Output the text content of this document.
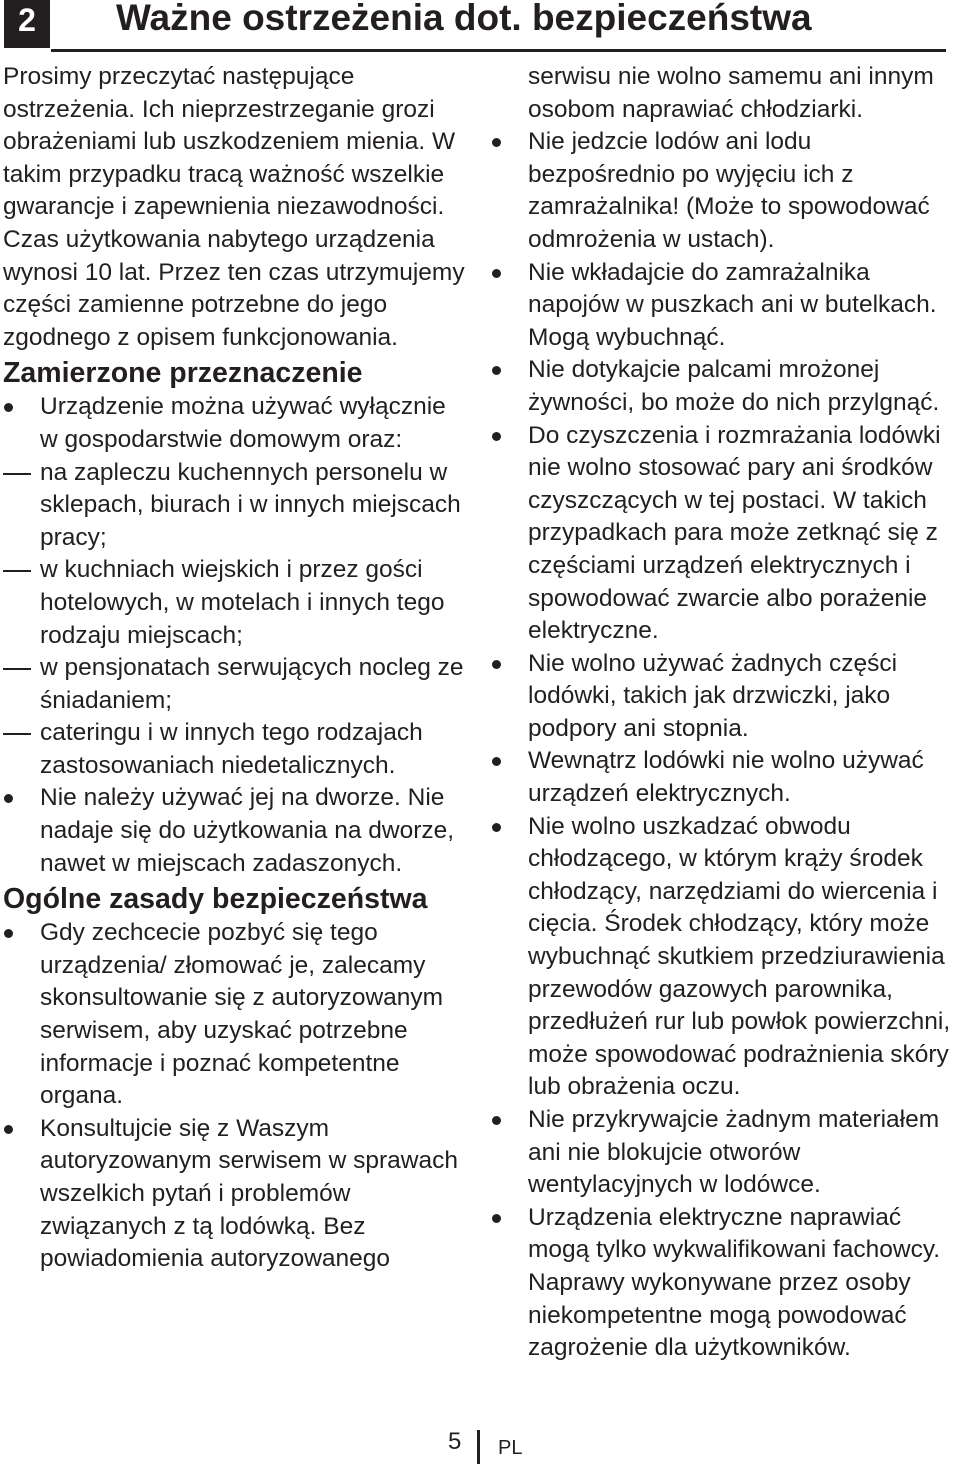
2	Ważne ostrzeżenia dot. bezpieczeństwa

Prosimy przeczytać następujące ostrzeżenia. Ich nieprzestrzeganie grozi obrażeniami lub uszkodzeniem mienia. W takim przypadku tracą ważność wszelkie gwarancje i zapewnienia niezawodności.

Czas użytkowania nabytego urządzenia wynosi 10 lat. Przez ten czas utrzymujemy części zamienne potrzebne do jego zgodnego z opisem funkcjonowania.

Zamierzone przeznaczenie
Urządzenie można używać wyłącznie w gospodarstwie domowym oraz:
na zapleczu kuchennych personelu w sklepach, biurach i w innych miejscach pracy;
w kuchniach wiejskich i przez gości hotelowych, w motelach i innych tego rodzaju miejscach;
w pensjonatach serwujących nocleg ze śniadaniem;
cateringu i w innych tego rodzajach zastosowaniach niedetalicznych.
Nie należy używać jej na dworze. Nie nadaje się do użytkowania na dworze, nawet w miejscach zadaszonych.
Ogólne zasady bezpieczeństwa
Gdy zechcecie pozbyć się tego urządzenia/ złomować je, zalecamy skonsultowanie się z autoryzowanym serwisem, aby uzyskać potrzebne informacje i poznać kompetentne organa.
Konsultujcie się z Waszym autoryzowanym serwisem w sprawach wszelkich pytań i problemów związanych z tą lodówką. Bez powiadomienia autoryzowanego
serwisu nie wolno samemu ani innym osobom naprawiać chłodziarki.
Nie jedzcie lodów ani lodu bezpośrednio po wyjęciu ich z zamrażalnika! (Może to spowodować odmrożenia w ustach).
Nie wkładajcie do zamrażalnika napojów w puszkach ani w butelkach. Mogą wybuchnąć.
Nie dotykajcie palcami mrożonej żywności, bo może do nich przylgnąć.
Do czyszczenia i rozmrażania lodówki nie wolno stosować pary ani środków czyszczących w tej postaci. W takich przypadkach para może zetknąć się z częściami urządzeń elektrycznych i spowodować zwarcie albo porażenie elektryczne.
Nie wolno używać żadnych części lodówki, takich jak drzwiczki, jako podpory ani stopnia.
Wewnątrz lodówki nie wolno używać urządzeń elektrycznych.
Nie wolno uszkadzać obwodu chłodzącego, w którym krąży środek chłodzący, narzędziami do wiercenia i cięcia. Środek chłodzący, który może wybuchnąć skutkiem przedziurawienia przewodów gazowych parownika, przedłużeń rur lub powłok powierzchni, może spowodować podrażnienia skóry lub obrażenia oczu.
Nie przykrywajcie żadnym materiałem ani nie blokujcie otworów wentylacyjnych w lodówce.
Urządzenia elektryczne naprawiać mogą tylko wykwalifikowani fachowcy. Naprawy wykonywane przez osoby niekompetentne mogą powodować zagrożenie dla użytkowników.
5 PL
